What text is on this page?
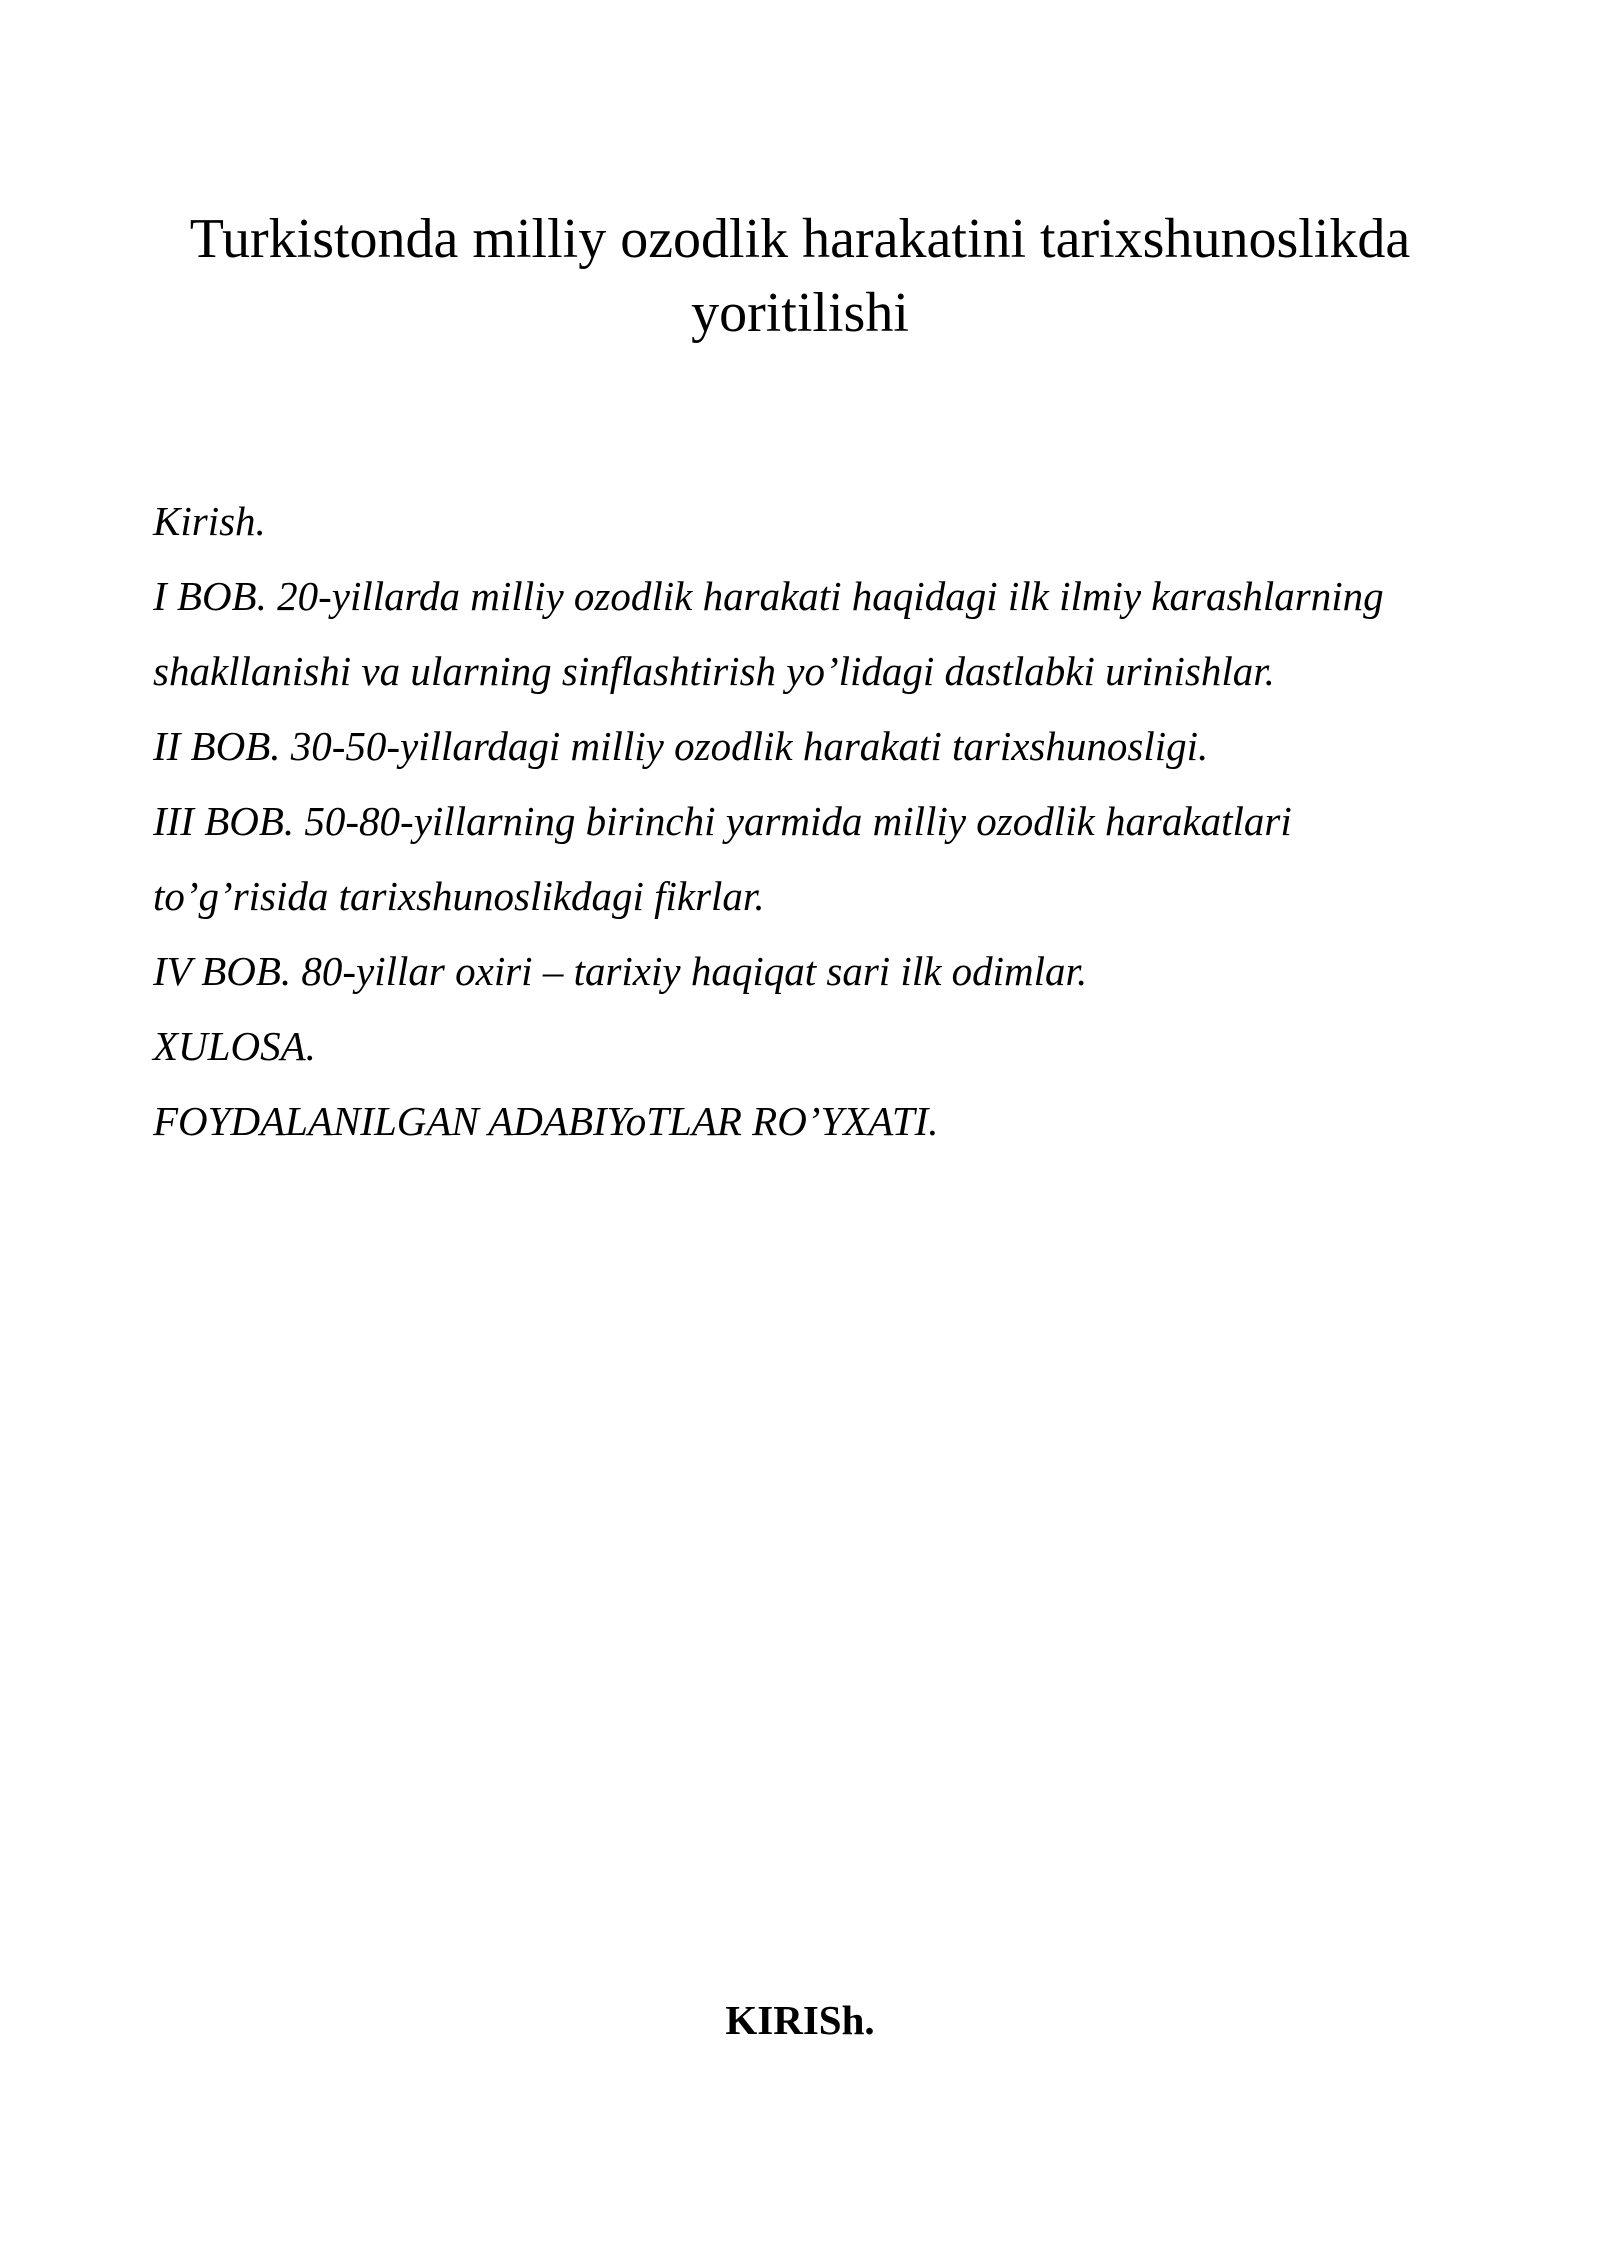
Turkistonda milliy ozodlik harakatini tarixshunoslikda
yoritilishi
Kirish.
I BOB. 20-yillarda milliy ozodlik harakati haqidagi ilk ilmiy karashlarning
shakllanishi va ularning sinflashtirish yo’lidagi dastlabki urinishlar.
II BOB. 30-50-yillardagi milliy ozodlik harakati tarixshunosligi.
III BOB. 50-80-yillarning birinchi yarmida milliy ozodlik harakatlari
to’g’risida tarixshunoslikdagi fikrlar.
IV BOB. 80-yillar oxiri – tarixiy haqiqat sari ilk odimlar.
XULOSA.
FOYDALANILGAN ADABIYoTLAR RO’YXATI.
KIRISh.
